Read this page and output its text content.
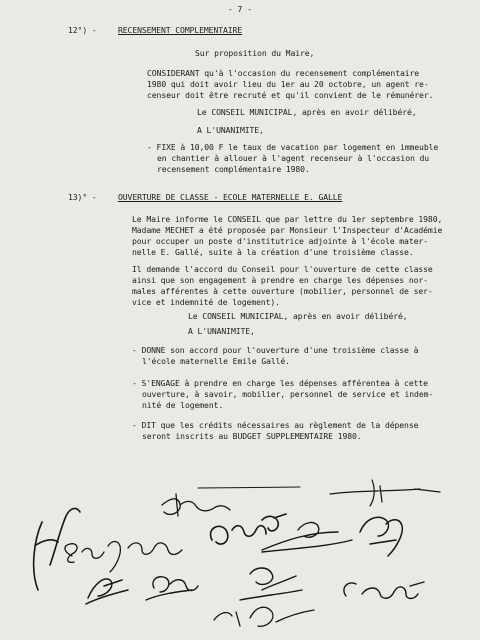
- 7 -
12°) -	RECENSEMENT COMPLEMENTAIRE
Sur proposition du Maire,
CONSIDERANT qu'à l'occasion du recensement complémentaire
1980 qui doit avoir lieu du 1er au 20 octobre, un agent re-
censeur doit être recruté et qu'il convient de le rémunérer.
Le CONSEIL MUNICIPAL, après en avoir délibéré,
A L'UNANIMITE,
- FIXE à 10,00 F le taux de vacation par logement en immeuble
en chantier à allouer à l'agent recenseur à l'occasion du
recensement complémentaire 1980.
13)° -	OUVERTURE DE CLASSE - ECOLE MATERNELLE E. GALLE
Le Maire informe le CONSEIL que par lettre du 1er septembre 1980,
Madame MECHET a été proposée par Monsieur l'Inspecteur d'Académie
pour occuper un poste d'institutrice adjointe à l'école mater-
nelle E. Gallé, suite à la création d'une troisième classe.
Il demande l'accord du Conseil pour l'ouverture de cette classe
ainsi que son engagement à prendre en charge les dépenses nor-
males afférentes à cette ouverture (mobilier, personnel de ser-
vice et indemnité de logement).
Le CONSEIL MUNICIPAL, après en avoir délibéré,
A L'UNANIMITE,
- DONNE son accord pour l'ouverture d'une troisième classe à
l'école maternelle Emile Gallé.
- S'ENGAGE à prendre en charge les dépenses afférentea à cette
ouverture, à savoir, mobilier, personnel de service et indem-
nité de logement.
- DIT que les crédits nécessaires au règlement de la dépense
seront inscrits au BUDGET SUPPLEMENTAIRE 1980.
